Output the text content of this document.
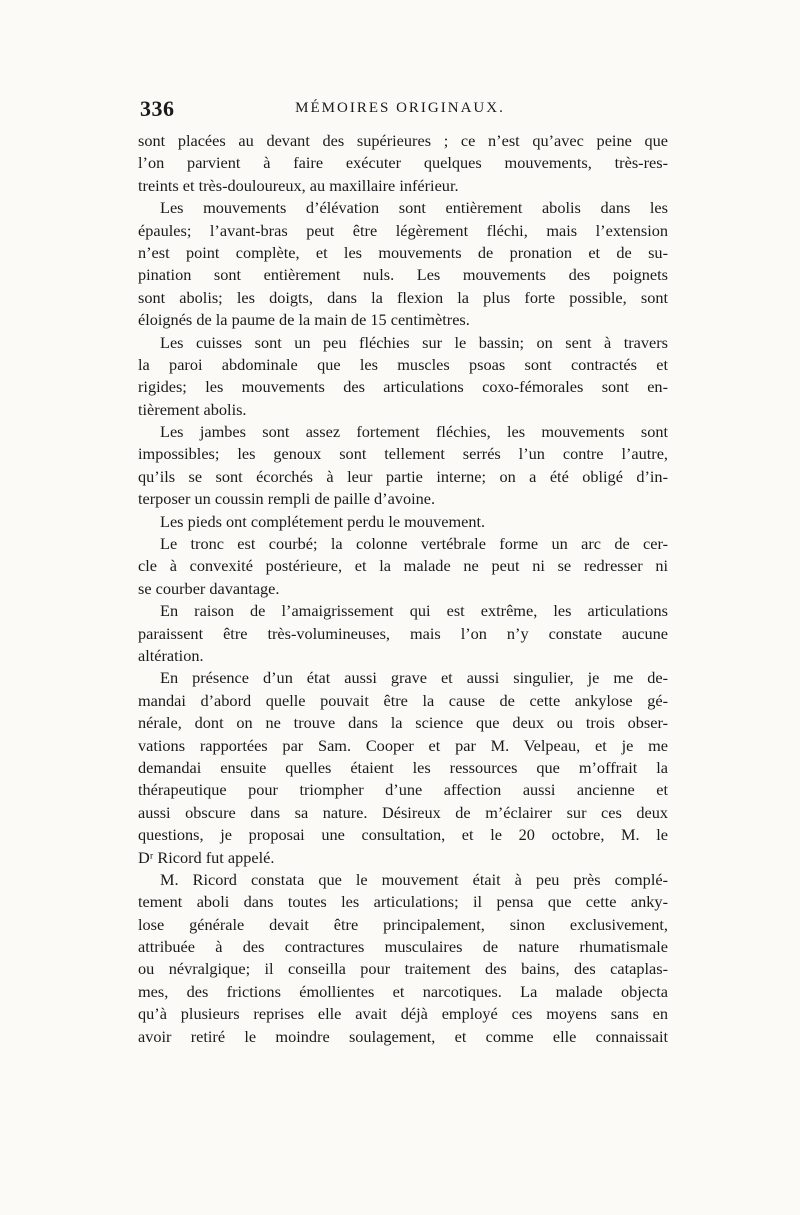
336	MÉMOIRES ORIGINAUX.
sont placées au devant des supérieures ; ce n’est qu’avec peine que
l’on parvient à faire exécuter quelques mouvements, très-res-
treints et très-douloureux, au maxillaire inférieur.
Les mouvements d’élévation sont entièrement abolis dans les
épaules; l’avant-bras peut être légèrement fléchi, mais l’extension
n’est point complète, et les mouvements de pronation et de su-
pination sont entièrement nuls. Les mouvements des poignets
sont abolis; les doigts, dans la flexion la plus forte possible, sont
éloignés de la paume de la main de 15 centimètres.
Les cuisses sont un peu fléchies sur le bassin; on sent à travers
la paroi abdominale que les muscles psoas sont contractés et
rigides; les mouvements des articulations coxo-fémorales sont en-
tièrement abolis.
Les jambes sont assez fortement fléchies, les mouvements sont
impossibles; les genoux sont tellement serrés l’un contre l’autre,
qu’ils se sont écorchés à leur partie interne; on a été obligé d’in-
terposer un coussin rempli de paille d’avoine.
Les pieds ont complétement perdu le mouvement.
Le tronc est courbé; la colonne vertébrale forme un arc de cer-
cle à convexité postérieure, et la malade ne peut ni se redresser ni
se courber davantage.
En raison de l’amaigrissement qui est extrême, les articulations
paraissent être très-volumineuses, mais l’on n’y constate aucune
altération.
En présence d’un état aussi grave et aussi singulier, je me de-
mandai d’abord quelle pouvait être la cause de cette ankylose gé-
nérale, dont on ne trouve dans la science que deux ou trois obser-
vations rapportées par Sam. Cooper et par M. Velpeau, et je me
demandai ensuite quelles étaient les ressources que m’offrait la
thérapeutique pour triompher d’une affection aussi ancienne et
aussi obscure dans sa nature. Désireux de m’éclairer sur ces deux
questions, je proposai une consultation, et le 20 octobre, M. le
Dʳ Ricord fut appelé.
M. Ricord constata que le mouvement était à peu près complé-
tement aboli dans toutes les articulations; il pensa que cette anky-
lose générale devait être principalement, sinon exclusivement,
attribuée à des contractures musculaires de nature rhumatismale
ou névralgique; il conseilla pour traitement des bains, des cataplas-
mes, des frictions émollientes et narcotiques. La malade objecta
qu’à plusieurs reprises elle avait déjà employé ces moyens sans en
avoir retiré le moindre soulagement, et comme elle connaissait
